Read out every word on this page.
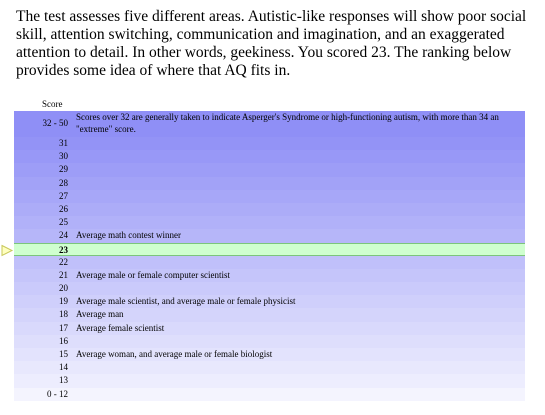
The test assesses five different areas. Autistic-like responses will show poor social skill, attention switching, communication and imagination, and an exaggerated attention to detail. In other words, geekiness. You scored 23. The ranking below provides some idea of where that AQ fits in.

Score
32 - 50
Scores over 32 are generally taken to indicate Asperger's Syndrome or high-functioning autism, with more than 34 an "extreme" score.
31
30
29
28
27
26
25
24 Average math contest winner
23
22
21 Average male or female computer scientist
20
19 Average male scientist, and average male or female physicist
18 Average man
17 Average female scientist
16
15 Average woman, and average male or female biologist
14
13
0 - 12
